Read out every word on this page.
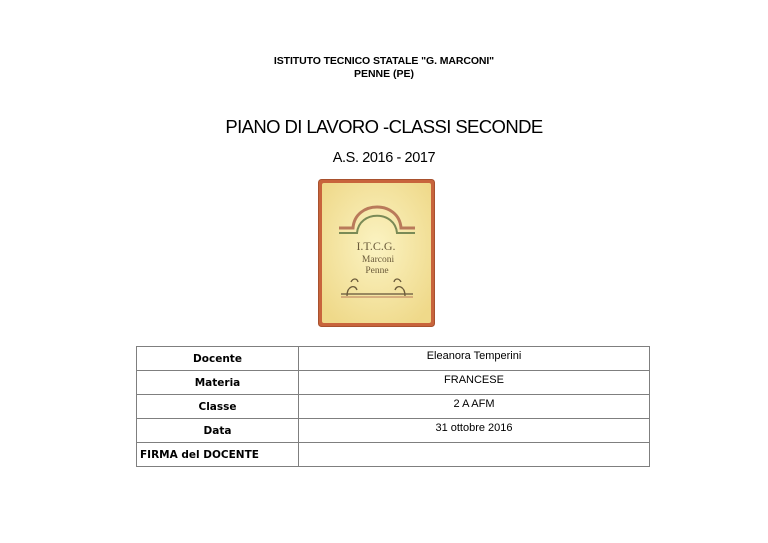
ISTITUTO TECNICO STATALE "G. MARCONI"
PENNE (PE)
PIANO DI LAVORO -CLASSI SECONDE
A.S. 2016 - 2017
I.T.C.G.
Marconi
Penne
Docente	Eleanora Temperini
Materia	FRANCESE
Classe	2 A AFM
Data	31 ottobre 2016
FIRMA del DOCENTE	
